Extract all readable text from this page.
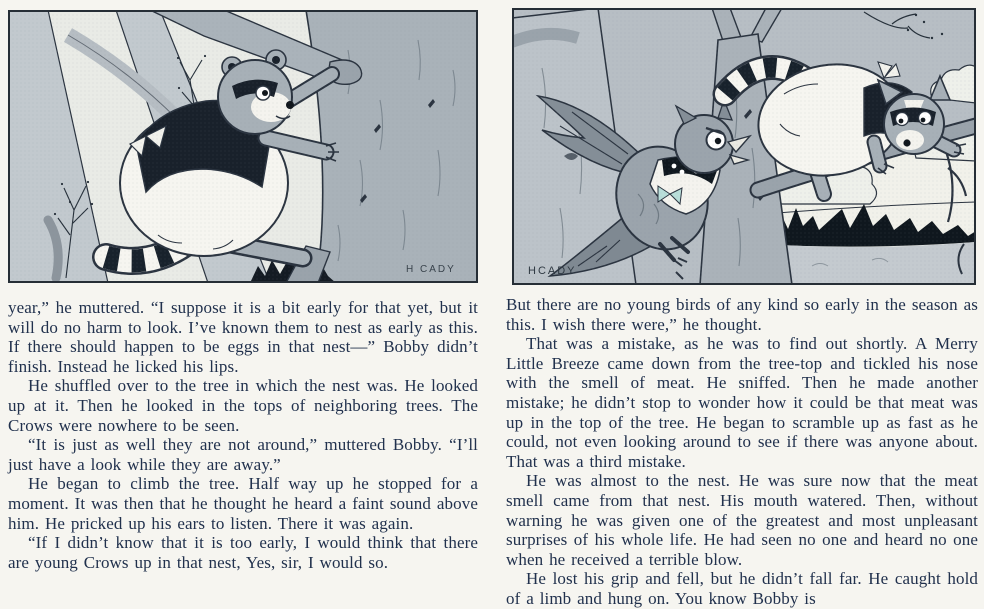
H CADY

year,” he muttered. “I suppose it is a bit early for that yet, but it will do no harm to look. I’ve known them to nest as early as this. If there should happen to be eggs in that nest—” Bobby didn’t finish. Instead he licked his lips.

He shuffled over to the tree in which the nest was. He looked up at it. Then he looked in the tops of neighboring trees. The Crows were nowhere to be seen.

“It is just as well they are not around,” muttered Bobby. “I’ll just have a look while they are away.”

He began to climb the tree. Half way up he stopped for a moment. It was then that he thought he heard a faint sound above him. He pricked up his ears to listen. There it was again.

“If I didn’t know that it is too early, I would think that there are young Crows up in that nest, Yes, sir, I would so.

HCADY

But there are no young birds of any kind so early in the season as this. I wish there were,” he thought.

That was a mistake, as he was to find out shortly. A Merry Little Breeze came down from the tree-top and tickled his nose with the smell of meat. He sniffed. Then he made another mistake; he didn’t stop to wonder how it could be that meat was up in the top of the tree. He began to scramble up as fast as he could, not even looking around to see if there was anyone about. That was a third mistake.

He was almost to the nest. He was sure now that the meat smell came from that nest. His mouth watered. Then, without warning he was given one of the greatest and most unpleasant surprises of his whole life. He had seen no one and heard no one when he received a terrible blow.

He lost his grip and fell, but he didn’t fall far. He caught hold of a limb and hung on. You know Bobby is
